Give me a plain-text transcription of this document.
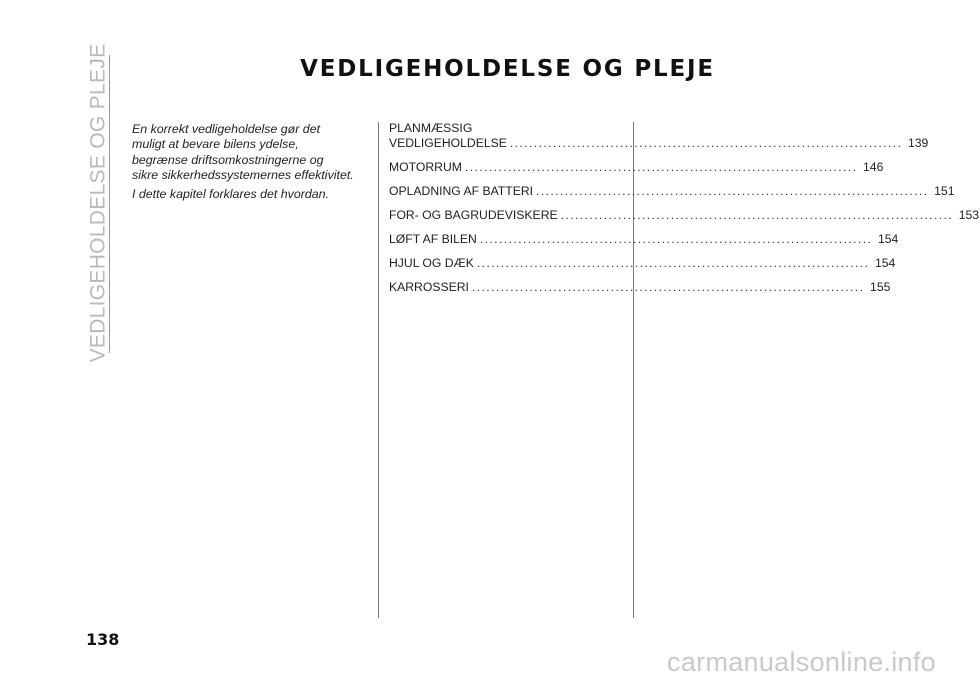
VEDLIGEHOLDELSE OG PLEJE	VEDLIGEHOLDELSE OG PLEJE

En korrekt vedligeholdelse gør det
muligt at bevare bilens ydelse,
begrænse driftsomkostningerne og
sikre sikkerhedssystemernes effektivitet.

I dette kapitel forklares det hvordan.

PLANMÆSSIG
VEDLIGEHOLDELSE .................................................................................. 139
MOTORRUM .................................................................................. 146
OPLADNING AF BATTERI .................................................................................. 151
FOR- OG BAGRUDEVISKERE .................................................................................. 153
LØFT AF BILEN .................................................................................. 154
HJUL OG DÆK .................................................................................. 154
KARROSSERI .................................................................................. 155
138
carmanualsonline.info
